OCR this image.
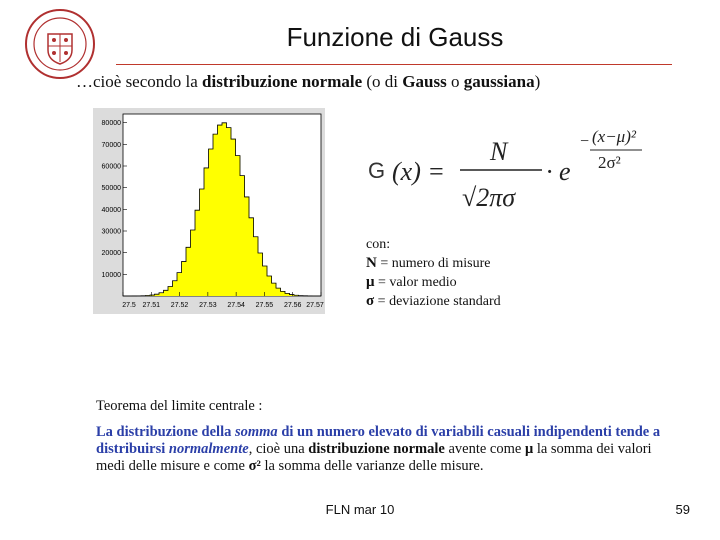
Funzione di Gauss
…cioè secondo la distribuzione normale (o di Gauss o gaussiana)
10000
20000
30000
40000
50000
60000
70000
80000
27.5 27.51 27.52 27.53 27.54 27.55 27.56 27.57
G (x) =
N
√2πσ
· e
− (x−μ)²
2σ²
con:
N = numero di misure
μ = valor medio
σ = deviazione standard
Teorema del limite centrale :
La distribuzione della somma di un numero elevato di variabili casuali indipendenti tende a distribuirsi normalmente, cioè una distribuzione normale avente come μ la somma dei valori medi delle misure e come σ² la somma delle varianze delle misure.
FLN mar 10	59
